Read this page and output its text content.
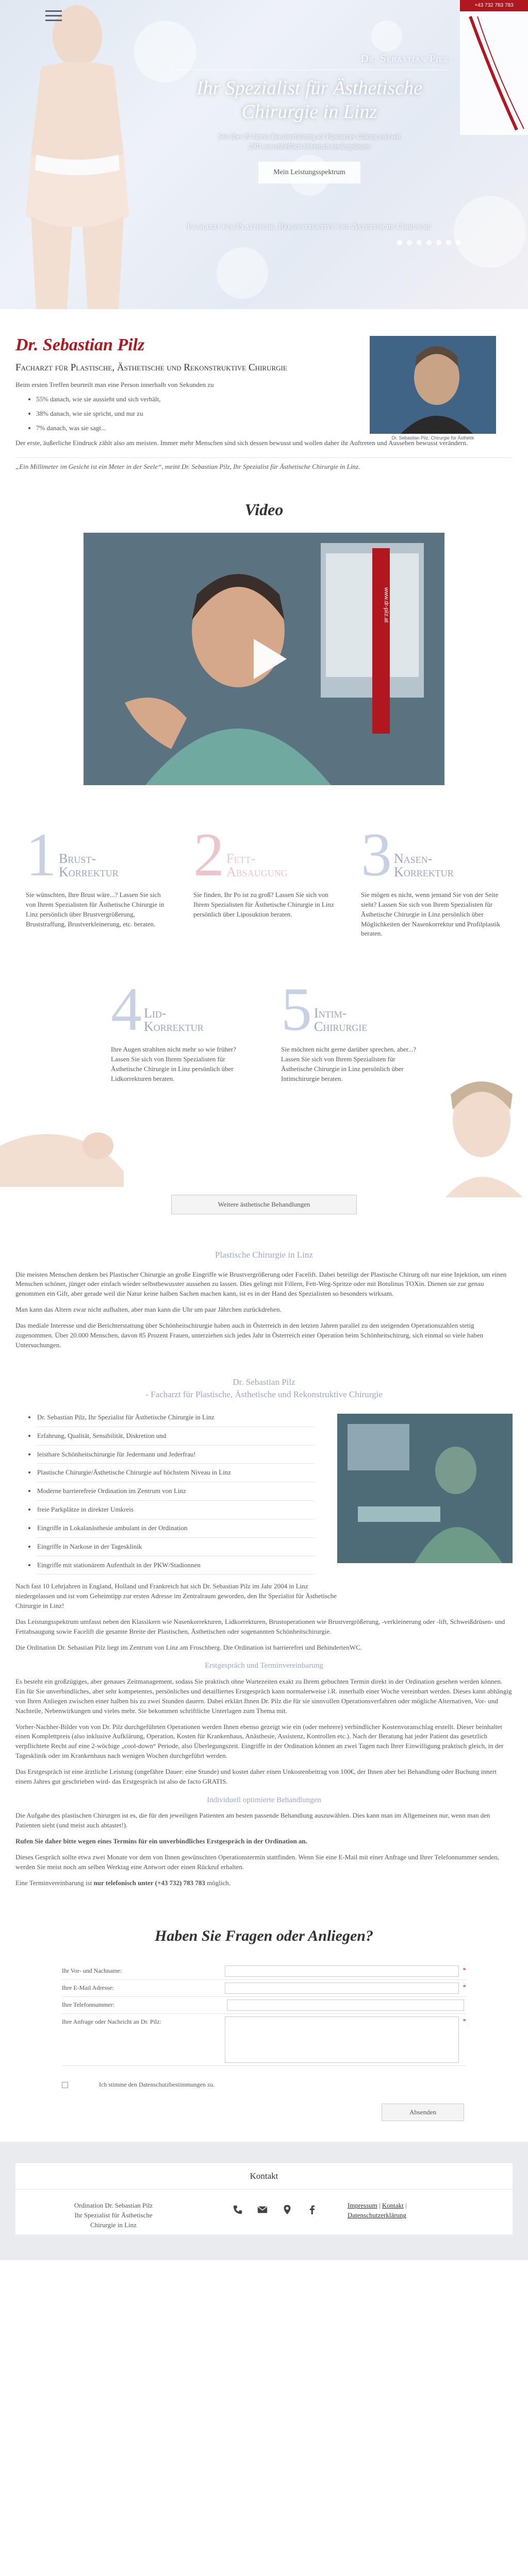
+43 732 783 783
Dr. Sebastian Pilz
Ihr Spezialist für Ästhetische
Chirurgie in Linz
Seit über 20 Jahren Berufserfahrung als Plastischer Chirurg und seit
2001 ausschließlich ästhetisch niedergelassen
Mein Leistungsspektrum
Facharzt für Plastische, Rekonstruktive und Ästhetische Chirurgie
Dr. Sebastian Pilz
Facharzt für Plastische, Ästhetische und Rekonstruktive Chirurgie

Beim ersten Treffen beurteilt man eine Person innerhalb von Sekunden zu

• 55% danach, wie sie aussieht und sich verhält,
• 38% danach, wie sie spricht, und nur zu
• 7% danach, was sie sagt...

Der erste, äußerliche Eindruck zählt also am meisten. Immer mehr Menschen sind sich dessen bewusst und wollen daher ihr Auftreten und Aussehen bewusst verändern.

„Ein Millimeter im Gesicht ist ein Meter in der Seele“, meint Dr. Sebastian Pilz, Ihr Spezialist für Ästhetische Chirurgie in Linz.

Dr. Sebastian Pilz, Chirurgie für Ästhetik
Video
www.dr-pilz.at
1 Brust-
Korrektur

Sie wünschten, Ihre Brust wäre...? Lassen Sie sich von Ihrem Spezialisten für Ästhetische Chirurgie in Linz persönlich über Brustvergrößerung, Bruststraffung, Brustverkleinerung, etc. beraten.

2 Fett-
Absaugung

Sie finden, Ihr Po ist zu groß? Lassen Sie sich von Ihrem Spezialisten für Ästhetische Chirurgie in Linz persönlich über Liposuktion beraten.

3 Nasen-
Korrektur

Sie mögen es nicht, wenn jemand Sie von der Seite sieht? Lassen Sie sich von Ihrem Spezialisten für Ästhetische Chirurgie in Linz persönlich über Möglichkeiten der Nasenkorrektur und Profilplastik beraten.

4 Lid-
Korrektur

Ihre Augen strahlten nicht mehr so wie früher? Lassen Sie sich von Ihrem Spezialisten für Ästhetische Chirurgie in Linz persönlich über Lidkorrekturen beraten.

5 Intim-
Chirurgie

Sie möchten nicht gerne darüber sprechen, aber...? Lassen Sie sich von Ihrem Spezialisten für Ästhetische Chirurgie in Linz persönlich über Intimchirurgie beraten.

Weitere ästhetische Behandlungen
Plastische Chirurgie in Linz

Die meisten Menschen denken bei Plastischer Chirurgie an große Eingriffe wie Brustvergrößerung oder Facelift. Dabei beteiligt der Plastische Chirurg oft nur eine Injektion, um einen Menschen schöner, jünger oder einfach wieder selbstbewusster aussehen zu lassen. Dies gelingt mit Fillern, Fett-Weg-Spritze oder mit Botulinus TOXin. Dienen sie zur genau genommen ein Gift, aber gerade weil die Natur keine halben Sachen machen kann, ist es in der Hand des Spezialisten so besonders wirksam.

Man kann das Altern zwar nicht aufhalten, aber man kann die Uhr um paar Jährchen zurückdrehen.

Das mediale Interesse und die Berichterstattung über Schönheitschirurgie haben auch in Österreich in den letzten Jahren parallel zu den steigenden Operationszahlen stetig zugenommen. Über 20.000 Menschen, davon 85 Prozent Frauen, unterziehen sich jedes Jahr in Österreich einer Operation beim Schönheitschirurg, sich einmal so viele haben Untersuchungen.

Dr. Sebastian Pilz
- Facharzt für Plastische, Ästhetische und Rekonstruktive Chirurgie
• Dr. Sebastian Pilz, Ihr Spezialist für Ästhetische Chirurgie in Linz
• Erfahrung, Qualität, Sensibilität, Diskretion und
• leistbare Schönheitschirurgie für Jedermann und Jederfrau!
• Plastische Chirurgie/Ästhetische Chirurgie auf höchstem Niveau in Linz
• Moderne barrierefreie Ordination im Zentrum von Linz
• freie Parkplätze in direkter Umkreis
• Eingriffe in Lokalanästhesie ambulant in der Ordination
• Eingriffe in Narkose in der Tagesklinik
• Eingriffe mit stationärem Aufenthalt in der PKW/Stadionnen

Nach fast 10 Lehrjahren in England, Holland und Frankreich hat sich Dr. Sebastian Pilz im Jahr 2004 in Linz niedergelassen und ist vom Geheimtipp zur ersten Adresse im Zentralraum geworden, den Ihr Spezialist für Ästhetische Chirurgie in Linz!

Das Leistungsspektrum umfasst neben den Klassikern wie Nasenkorrekturen, Lidkorrekturen, Brustoperationen wie Brustvergrößerung, -verkleinerung oder -lift, Schweißdrüsen- und Fettabsaugung sowie Facelift die gesamte Breite der Plastischen, Ästhetischen oder sogenannten Schönheitschirurgie.

Die Ordination Dr. Sebastian Pilz liegt im Zentrum von Linz am Froschberg. Die Ordination ist barrierefrei und BehindertenWC.

Erstgespräch und Terminvereinbarung

Es besteht ein großzügiges, aber genaues Zeitmanagement, sodass Sie praktisch ohne Wartezeiten exakt zu Ihrem gebuchten Termin direkt in der Ordination gesehen werden können. Ein für Sie unverbindliches, aber sehr kompetentes, persönliches und detailliertes Erstgespräch kann normalerweise i.R. innerhalb einer Woche vereinbart werden. Dieses kann abhängig von Ihren Anliegen zwischen einer halben bis zu zwei Stunden dauern. Dabei erklärt Ihnen Dr. Pilz die für sie sinnvollen Operationsverfahren oder mögliche Alternativen, Vor- und Nachteile, Nebenwirkungen und vieles mehr. Sie bekommen schriftliche Unterlagen zum Thema mit.

Vorher-Nachher-Bilder von von Dr. Pilz durchgeführten Operationen werden Ihnen ebenso gezeigt wie ein (oder mehrere) verbindlicher Kostenvoranschlag erstellt. Dieser beinhaltet einen Komplettpreis (also inklusive Aufklärung, Operation, Kosten für Krankenhaus, Anästhesie, Assistenz, Kontrollen etc.). Nach der Beratung hat jeder Patient das gesetzlich verpflichtete Recht auf eine 2-wöchige „cool-down“ Periode, also Überlegungszeit. Eingriffe in der Ordination können an zwei Tagen nach Ihrer Einwilligung praktisch gleich, in der Tagesklinik oder im Krankenhaus nach wenigen Wochen durchgeführt werden.

Das Erstgespräch ist eine ärztliche Leistung (ungefähre Dauer: eine Stunde) und kostet daher einen Unkostenbeitrag von 100€, der Ihnen aber bei Behandlung oder Buchung innert einem Jahres gut geschrieben wird- das Erstgespräch ist also de facto GRATIS.

Individuell optimierte Behandlungen

Die Aufgabe des plastischen Chirurgen ist es, die für den jeweiligen Patienten am besten passende Behandlung auszuwählen. Dies kann man im Allgemeinen nur, wenn man den Patienten sieht (und meist auch abtastet!).

Rufen Sie daher bitte wegen eines Termins für ein unverbindliches Erstgespräch in der Ordination an.

Dieses Gespräch sollte etwa zwei Monate vor dem von Ihnen gewünschten Operationstermin stattfinden. Wenn Sie eine E-Mail mit einer Anfrage und Ihrer Telefonnummer senden, werden Sie meist noch am selben Werktag eine Antwort oder einen Rückruf erhalten.

Eine Terminvereinbarung ist nur telefonisch unter (+43 732) 783 783 möglich.

Haben Sie Fragen oder Anliegen?
Ihr Vor- und Nachname:	*
Ihre E-Mail Adresse:	*
Ihre Telefonnummer:
Ihre Anfrage oder Nachricht an Dr. Pilz:	*
Ich stimme den Datenschutzbestimmungen zu.
Absenden
Kontakt
Ordination Dr. Sebastian Pilz
Ihr Spezialist für Ästhetische
Chirurgie in Linz
Impressum | Kontakt |
Datenschutzerklärung
